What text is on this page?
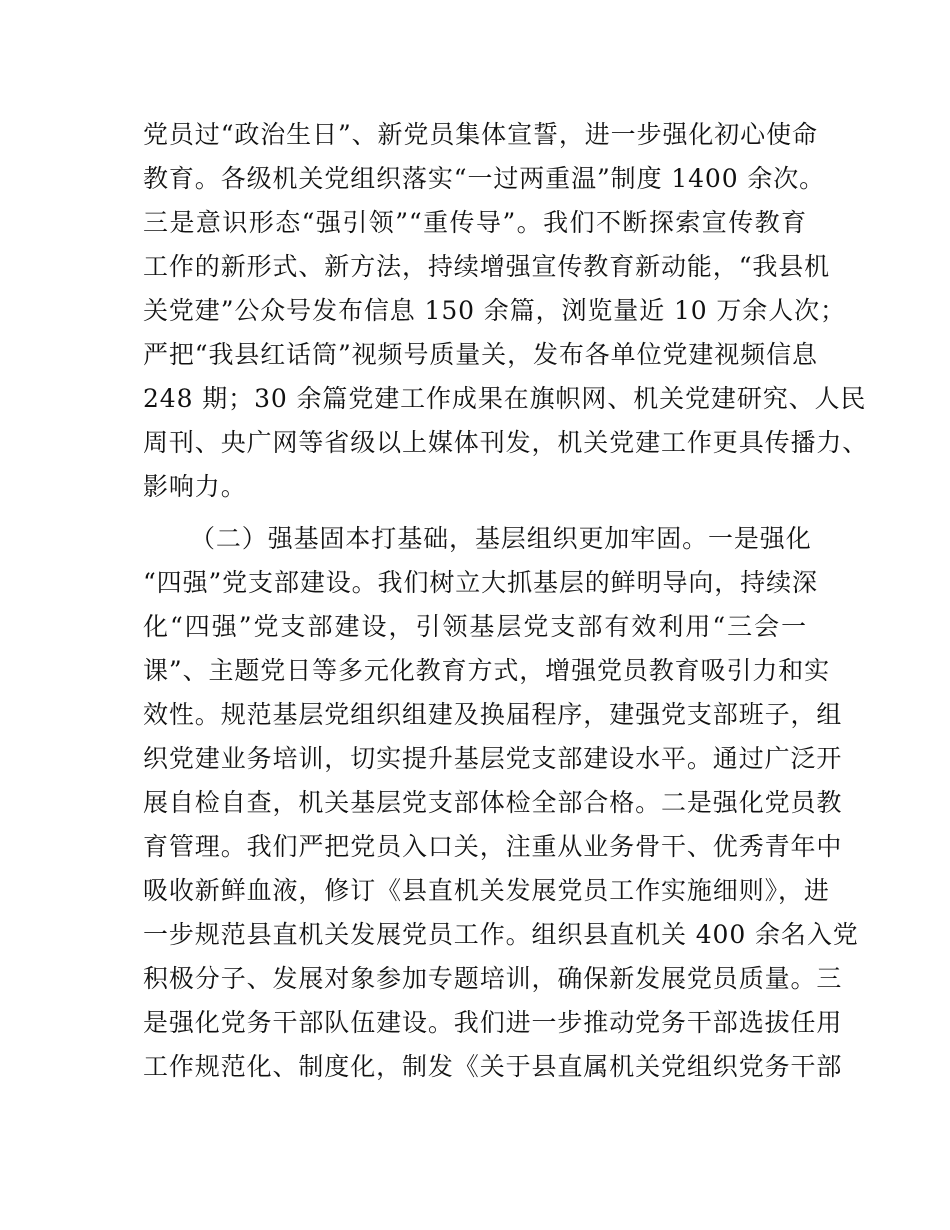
党员过“政治生日”、新党员集体宣誓，进一步强化初心使命
教育。各级机关党组织落实“一过两重温”制度 1400 余次。
三是意识形态“强引领”“重传导”。我们不断探索宣传教育
工作的新形式、新方法，持续增强宣传教育新动能，“我县机
关党建”公众号发布信息 150 余篇，浏览量近 10 万余人次；
严把“我县红话筒”视频号质量关，发布各单位党建视频信息
248 期；30 余篇党建工作成果在旗帜网、机关党建研究、人民
周刊、央广网等省级以上媒体刊发，机关党建工作更具传播力、
影响力。
（二）强基固本打基础，基层组织更加牢固。一是强化
“四强”党支部建设。我们树立大抓基层的鲜明导向，持续深
化“四强”党支部建设，引领基层党支部有效利用“三会一
课”、主题党日等多元化教育方式，增强党员教育吸引力和实
效性。规范基层党组织组建及换届程序，建强党支部班子，组
织党建业务培训，切实提升基层党支部建设水平。通过广泛开
展自检自查，机关基层党支部体检全部合格。二是强化党员教
育管理。我们严把党员入口关，注重从业务骨干、优秀青年中
吸收新鲜血液，修订《县直机关发展党员工作实施细则》，进
一步规范县直机关发展党员工作。组织县直机关 400 余名入党
积极分子、发展对象参加专题培训，确保新发展党员质量。三
是强化党务干部队伍建设。我们进一步推动党务干部选拔任用
工作规范化、制度化，制发《关于县直属机关党组织党务干部
